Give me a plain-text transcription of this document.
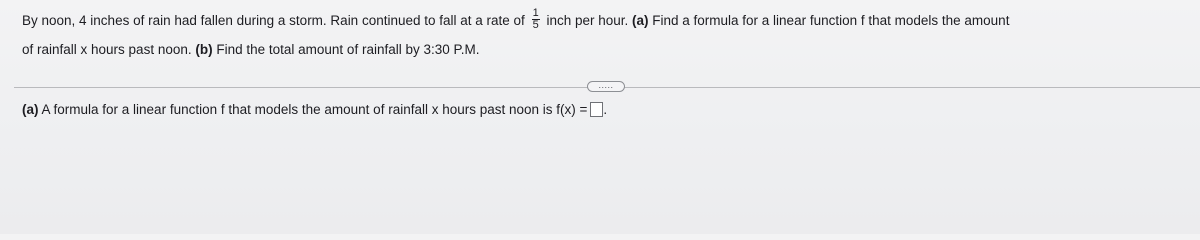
By noon, 4 inches of rain had fallen during a storm. Rain continued to fall at a rate of $\frac{1}{5}$ inch per hour. (a) Find a formula for a linear function f that models the amount
of rainfall x hours past noon. (b) Find the total amount of rainfall by 3:30 P.M.
.....
(a) A formula for a linear function f that models the amount of rainfall x hours past noon is f(x) = .
